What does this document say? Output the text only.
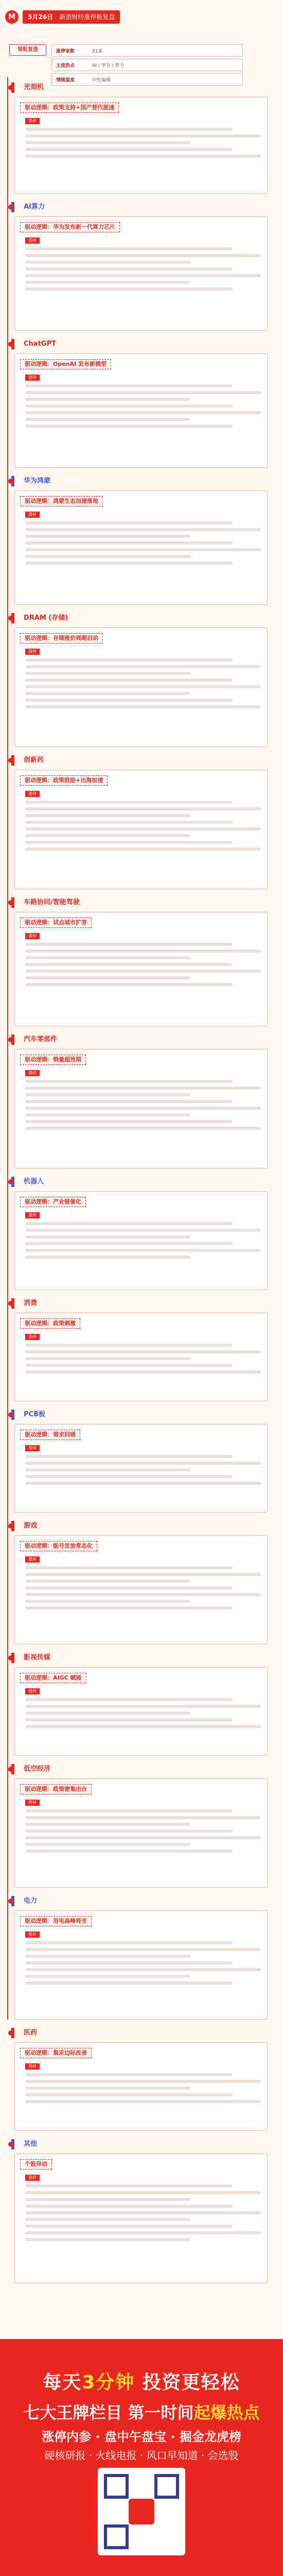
M	5月26日 新浪财经涨停板复盘
领航复盘	涨停家数	51家
主流热点	AI / 华为 / 算力
情绪温度	中性偏暖
光刻机
驱动逻辑：政策支持+国产替代提速
涨停
AI算力
驱动逻辑：华为发布新一代算力芯片
涨停
ChatGPT
驱动逻辑：OpenAI 发布新模型
涨停
华为鸿蒙
驱动逻辑：鸿蒙生态加速落地
涨停
DRAM (存储)
驱动逻辑：存储涨价周期启动
涨停
创新药
驱动逻辑：政策鼓励+出海加速
涨停
车路协同/智能驾驶
驱动逻辑：试点城市扩容
涨停
汽车零部件
驱动逻辑：销量超预期
涨停
机器人
驱动逻辑：产业链催化
涨停
消费
驱动逻辑：政策刺激
涨停
PCB板
驱动逻辑：需求回暖
涨停
游戏
驱动逻辑：版号发放常态化
涨停
影视传媒
驱动逻辑：AIGC 赋能
涨停
低空经济
驱动逻辑：政策密集出台
涨停
电力
驱动逻辑：用电高峰将至
涨停
医药
驱动逻辑：集采边际改善
涨停
其他
个股异动
涨停
每天3分钟 投资更轻松
七大王牌栏目 第一时间起爆热点
涨停内参 · 盘中午盘宝 · 掘金龙虎榜
硬核研报 · 火线电报 · 风口早知道 · 会选股
